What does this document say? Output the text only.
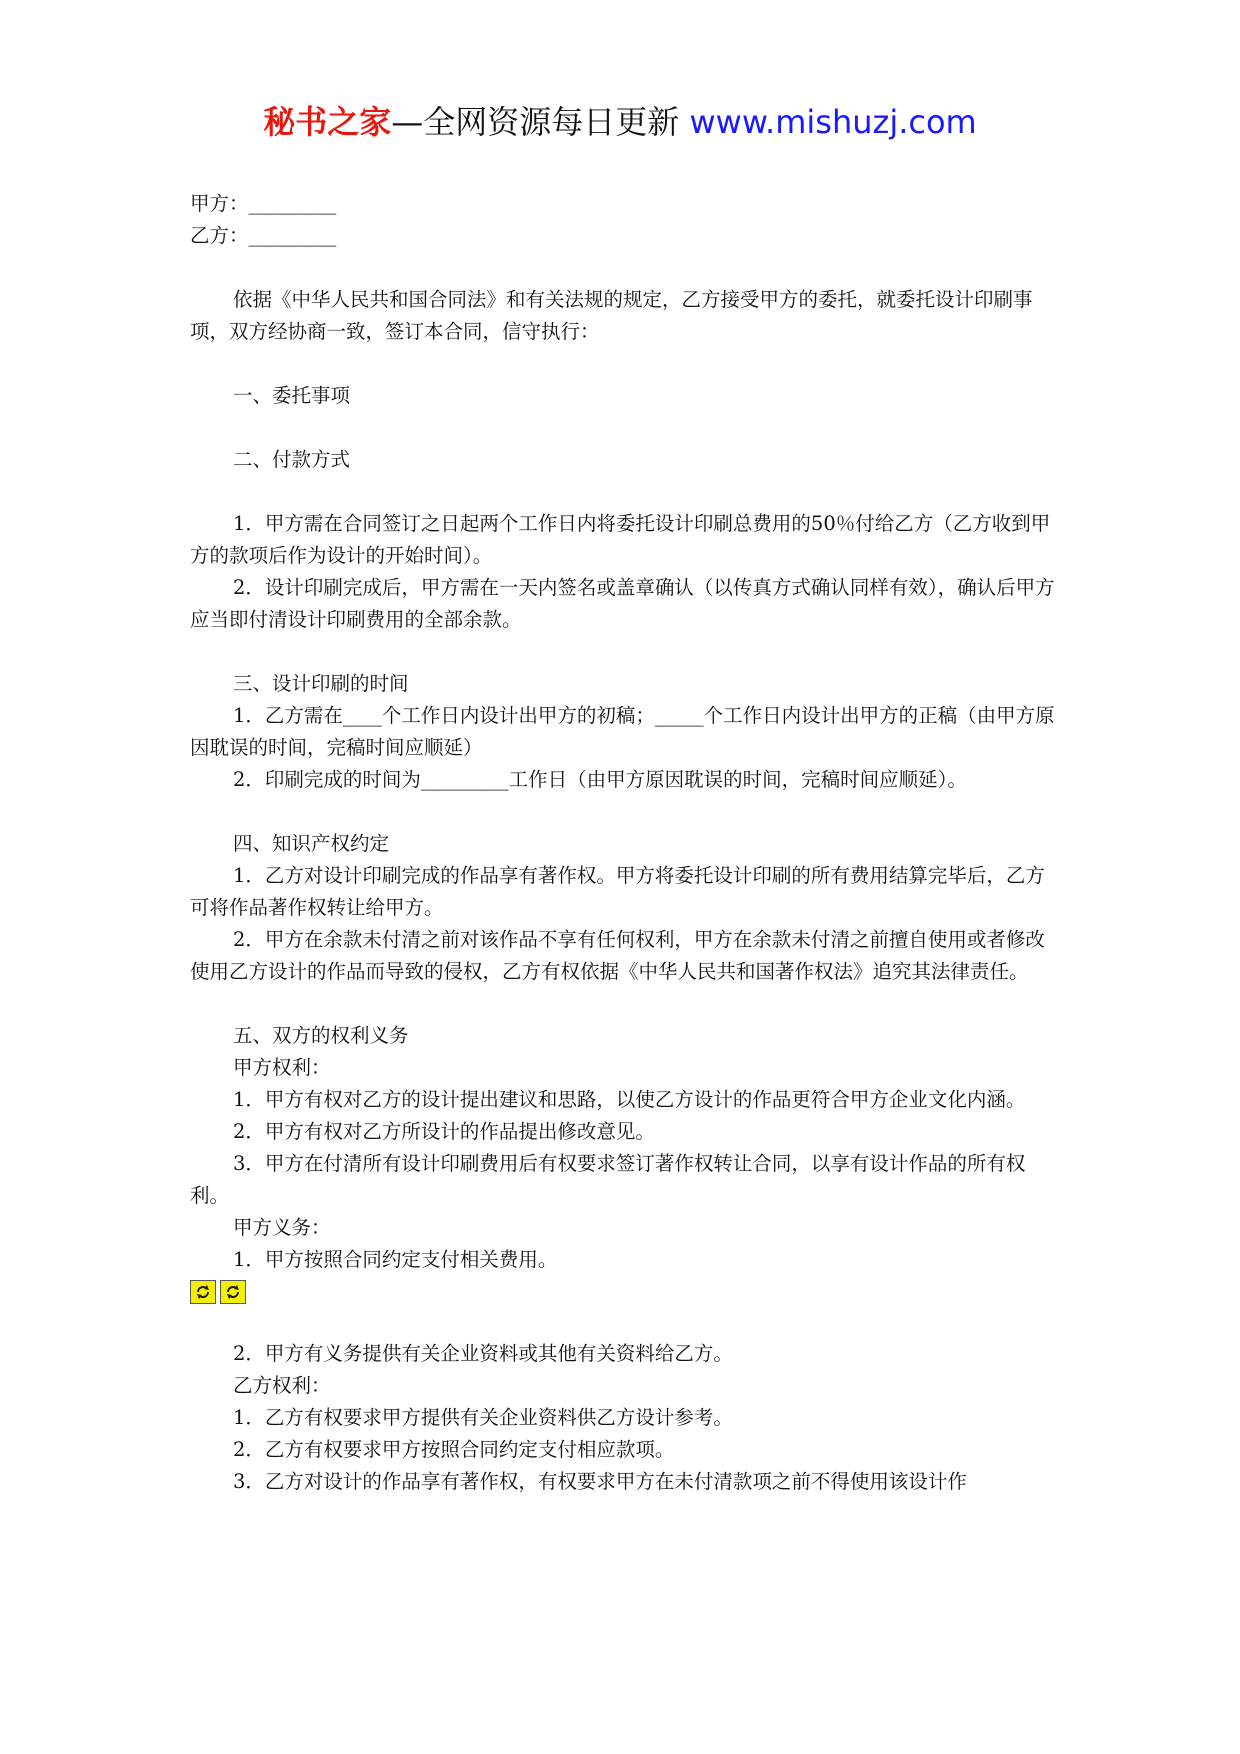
秘书之家—全网资源每日更新 www.mishuzj.com

甲方：_________

乙方：_________

依据《中华人民共和国合同法》和有关法规的规定，乙方接受甲方的委托，就委托设计印刷事项，双方经协商一致，签订本合同，信守执行：

一、委托事项

二、付款方式

1．甲方需在合同签订之日起两个工作日内将委托设计印刷总费用的50％付给乙方（乙方收到甲方的款项后作为设计的开始时间）。

2．设计印刷完成后，甲方需在一天内签名或盖章确认（以传真方式确认同样有效），确认后甲方应当即付清设计印刷费用的全部余款。

三、设计印刷的时间

1．乙方需在____个工作日内设计出甲方的初稿；_____个工作日内设计出甲方的正稿（由甲方原因耽误的时间，完稿时间应顺延）

2．印刷完成的时间为_________工作日（由甲方原因耽误的时间，完稿时间应顺延）。

四、知识产权约定

1．乙方对设计印刷完成的作品享有著作权。甲方将委托设计印刷的所有费用结算完毕后，乙方可将作品著作权转让给甲方。

2．甲方在余款未付清之前对该作品不享有任何权利，甲方在余款未付清之前擅自使用或者修改使用乙方设计的作品而导致的侵权，乙方有权依据《中华人民共和国著作权法》追究其法律责任。

五、双方的权利义务

甲方权利：

1．甲方有权对乙方的设计提出建议和思路，以使乙方设计的作品更符合甲方企业文化内涵。

2．甲方有权对乙方所设计的作品提出修改意见。

3．甲方在付清所有设计印刷费用后有权要求签订著作权转让合同，以享有设计作品的所有权利。

甲方义务：

1．甲方按照合同约定支付相关费用。

2．甲方有义务提供有关企业资料或其他有关资料给乙方。

乙方权利：

1．乙方有权要求甲方提供有关企业资料供乙方设计参考。

2．乙方有权要求甲方按照合同约定支付相应款项。

3．乙方对设计的作品享有著作权，有权要求甲方在未付清款项之前不得使用该设计作
